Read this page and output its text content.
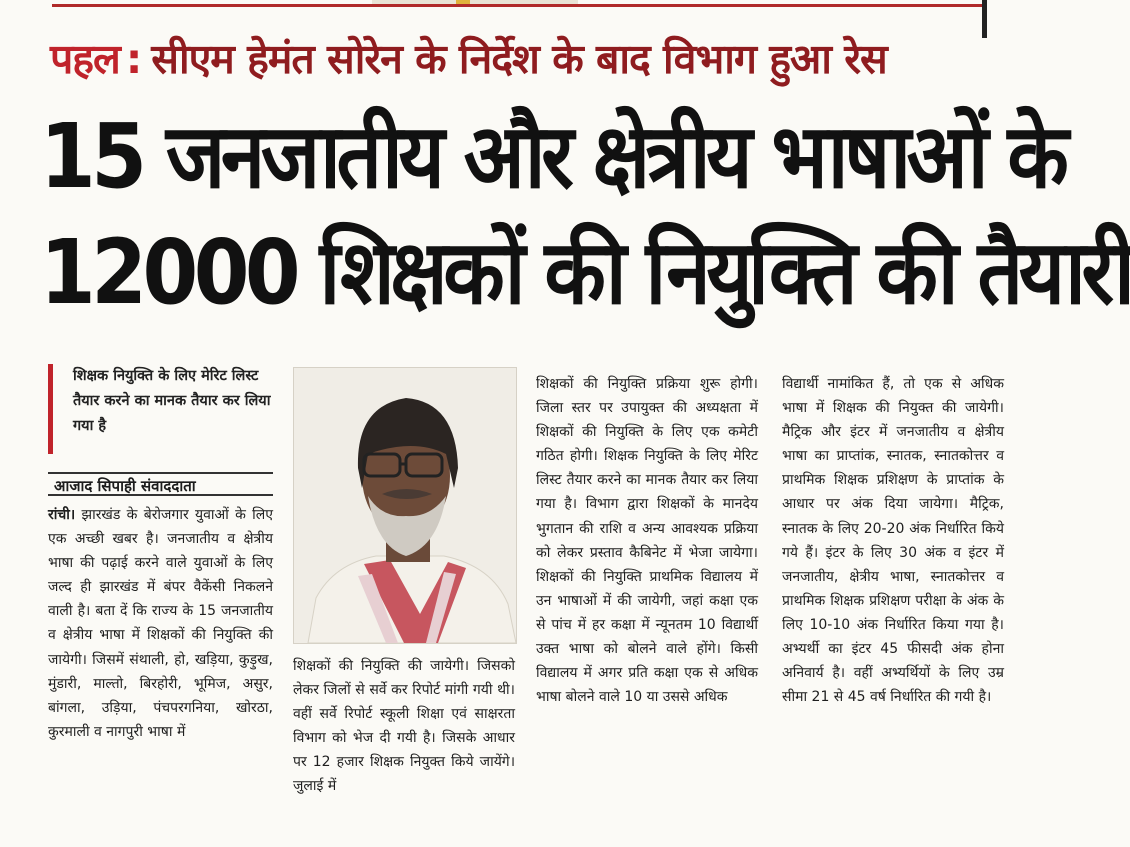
पहल : सीएम हेमंत सोरेन के निर्देश के बाद विभाग हुआ रेस
15 जनजातीय और क्षेत्रीय भाषाओं के
12000 शिक्षकों की नियुक्ति की तैयारी
शिक्षक नियुक्ति के लिए मेरिट लिस्ट तैयार करने का मानक तैयार कर लिया गया है
आजाद सिपाही संवाददाता
रांची। झारखंड के बेरोजगार युवाओं के लिए एक अच्छी खबर है। जनजातीय व क्षेत्रीय भाषा की पढ़ाई करने वाले युवाओं के लिए जल्द ही झारखंड में बंपर वैकेंसी निकलने वाली है। बता दें कि राज्य के 15 जनजातीय व क्षेत्रीय भाषा में शिक्षकों की नियुक्ति की जायेगी। जिसमें संथाली, हो, खड़िया, कुड़ुख, मुंडारी, माल्तो, बिरहोरी, भूमिज, असुर, बांगला, उड़िया, पंचपरगनिया, खोरठा, कुरमाली व नागपुरी भाषा में
शिक्षकों की नियुक्ति की जायेगी। जिसको लेकर जिलों से सर्वे कर रिपोर्ट मांगी गयी थी। वहीं सर्वे रिपोर्ट स्कूली शिक्षा एवं साक्षरता विभाग को भेज दी गयी है। जिसके आधार पर 12 हजार शिक्षक नियुक्त किये जायेंगे। जुलाई में
शिक्षकों की नियुक्ति प्रक्रिया शुरू होगी। जिला स्तर पर उपायुक्त की अध्यक्षता में शिक्षकों की नियुक्ति के लिए एक कमेटी गठित होगी। शिक्षक नियुक्ति के लिए मेरिट लिस्ट तैयार करने का मानक तैयार कर लिया गया है। विभाग द्वारा शिक्षकों के मानदेय भुगतान की राशि व अन्य आवश्यक प्रक्रिया को लेकर प्रस्ताव कैबिनेट में भेजा जायेगा। शिक्षकों की नियुक्ति प्राथमिक विद्यालय में उन भाषाओं में की जायेगी, जहां कक्षा एक से पांच में हर कक्षा में न्यूनतम 10 विद्यार्थी उक्त भाषा को बोलने वाले होंगे। किसी विद्यालय में अगर प्रति कक्षा एक से अधिक भाषा बोलने वाले 10 या उससे अधिक
विद्यार्थी नामांकित हैं, तो एक से अधिक भाषा में शिक्षक की नियुक्त की जायेगी। मैट्रिक और इंटर में जनजातीय व क्षेत्रीय भाषा का प्राप्तांक, स्नातक, स्नातकोत्तर व प्राथमिक शिक्षक प्रशिक्षण के प्राप्तांक के आधार पर अंक दिया जायेगा। मैट्रिक, स्नातक के लिए 20-20 अंक निर्धारित किये गये हैं। इंटर के लिए 30 अंक व इंटर में जनजातीय, क्षेत्रीय भाषा, स्नातकोत्तर व प्राथमिक शिक्षक प्रशिक्षण परीक्षा के अंक के लिए 10-10 अंक निर्धारित किया गया है। अभ्यर्थी का इंटर 45 फीसदी अंक होना अनिवार्य है। वहीं अभ्यर्थियों के लिए उम्र सीमा 21 से 45 वर्ष निर्धारित की गयी है।
